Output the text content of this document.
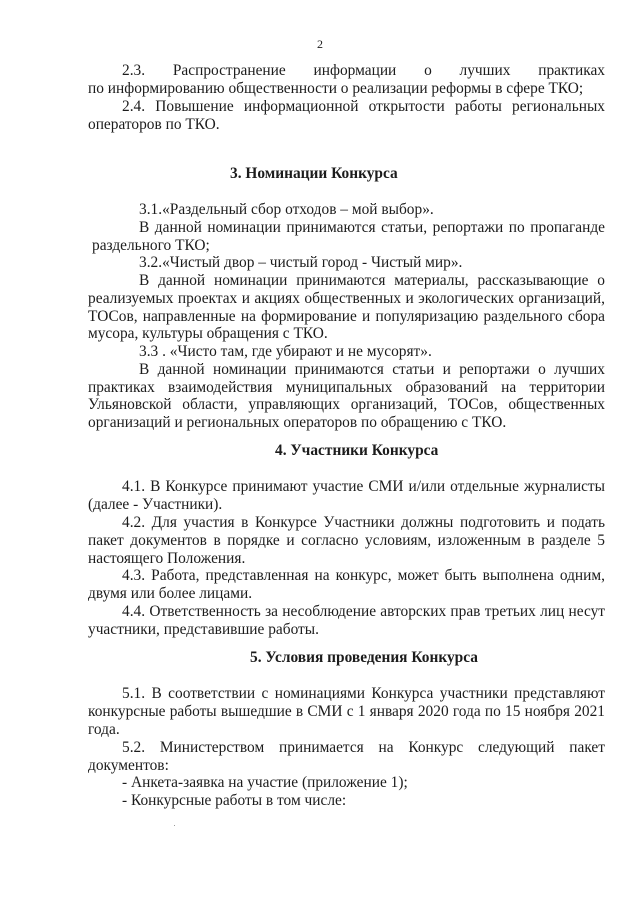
2
2.3. Распространение информации о лучших практиках
по информированию общественности о реализации реформы в сфере ТКО;
2.4. Повышение информационной открытости работы региональных
операторов по ТКО.
3. Номинации Конкурса
3.1.«Раздельный сбор отходов – мой выбор».
В данной номинации принимаются статьи, репортажи по пропаганде
раздельного ТКО;
3.2.«Чистый двор – чистый город - Чистый мир».
В данной номинации принимаются материалы, рассказывающие о
реализуемых проектах и акциях общественных и экологических организаций,
ТОСов, направленные на формирование и популяризацию раздельного сбора
мусора, культуры обращения с ТКО.
3.3 . «Чисто там, где убирают и не мусорят».
В данной номинации принимаются статьи и репортажи о лучших
практиках взаимодействия муниципальных образований на территории
Ульяновской области, управляющих организаций, ТОСов, общественных
организаций и региональных операторов по обращению с ТКО.
4. Участники Конкурса
4.1. В Конкурсе принимают участие СМИ и/или отдельные журналисты
(далее - Участники).
4.2. Для участия в Конкурсе Участники должны подготовить и подать
пакет документов в порядке и согласно условиям, изложенным в разделе 5
настоящего Положения.
4.3. Работа, представленная на конкурс, может быть выполнена одним,
двумя или более лицами.
4.4. Ответственность за несоблюдение авторских прав третьих лиц несут
участники, представившие работы.
5. Условия проведения Конкурса
5.1. В соответствии с номинациями Конкурса участники представляют
конкурсные работы вышедшие в СМИ с 1 января 2020 года по 15 ноября 2021
года.
5.2. Министерством принимается на Конкурс следующий пакет
документов:
- Анкета-заявка на участие (приложение 1);
- Конкурсные работы в том числе:
